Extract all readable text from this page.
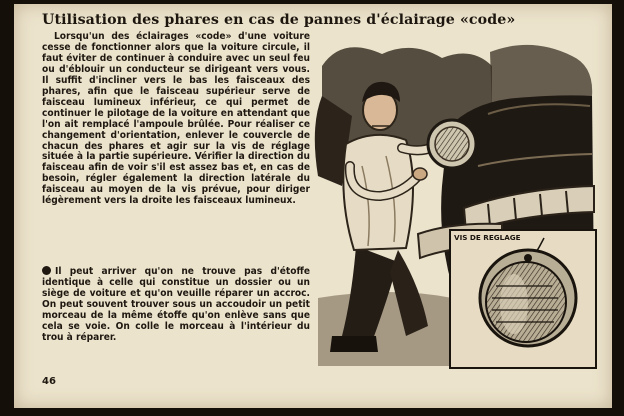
Utilisation des phares en cas de pannes d'éclairage «code»

Lorsqu'un des éclairages «code» d'une voiture cesse de fonctionner alors que la voiture circule, il faut éviter de continuer à conduire avec un seul feu ou d'éblouir un conducteur se dirigeant vers vous. Il suffit d'incliner vers le bas les faisceaux des phares, afin que le faisceau supérieur serve de faisceau lumineux inférieur, ce qui permet de continuer le pilotage de la voiture en attendant que l'on ait remplacé l'ampoule brûlée. Pour réaliser ce changement d'orientation, enlever le couvercle de chacun des phares et agir sur la vis de réglage située à la partie supérieure. Vérifier la direction du faisceau afin de voir s'il est assez bas et, en cas de besoin, régler également la direction latérale du faisceau au moyen de la vis prévue, pour diriger légèrement vers la droite les faisceaux lumineux.

Il peut arriver qu'on ne trouve pas d'étoffe identique à celle qui constitue un dossier ou un siège de voiture et qu'on veuille réparer un accroc. On peut souvent trouver sous un accoudoir un petit morceau de la même étoffe qu'on enlève sans que cela se voie. On colle le morceau à l'intérieur du trou à réparer.

46
VIS DE REGLAGE
